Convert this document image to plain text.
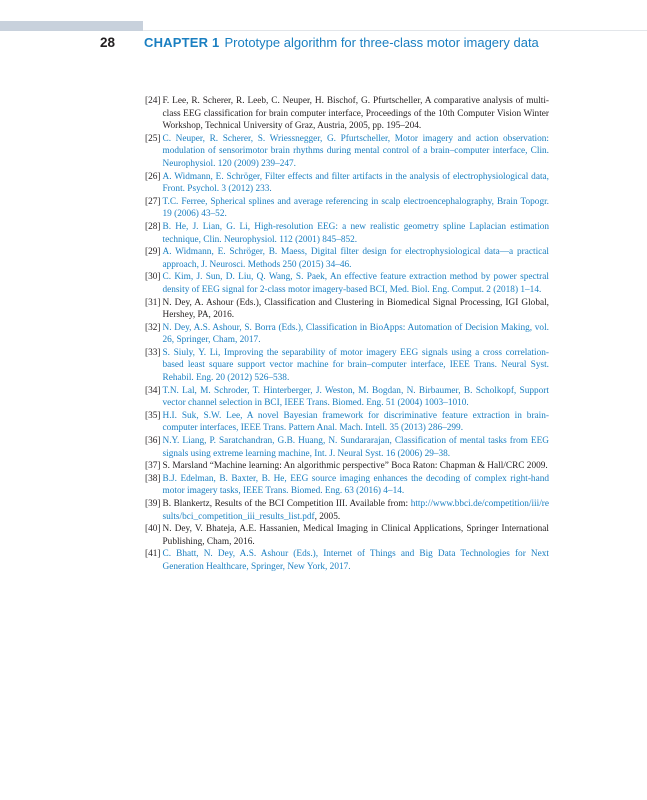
28	CHAPTER 1 Prototype algorithm for three-class motor imagery data
[24] F. Lee, R. Scherer, R. Leeb, C. Neuper, H. Bischof, G. Pfurtscheller, A comparative analysis of multi-class EEG classification for brain computer interface, Proceedings of the 10th Computer Vision Winter Workshop, Technical University of Graz, Austria, 2005, pp. 195–204.
[25] C. Neuper, R. Scherer, S. Wriessnegger, G. Pfurtscheller, Motor imagery and action observation: modulation of sensorimotor brain rhythms during mental control of a brain–computer interface, Clin. Neurophysiol. 120 (2009) 239–247.
[26] A. Widmann, E. Schröger, Filter effects and filter artifacts in the analysis of electrophysiological data, Front. Psychol. 3 (2012) 233.
[27] T.C. Ferree, Spherical splines and average referencing in scalp electroencephalography, Brain Topogr. 19 (2006) 43–52.
[28] B. He, J. Lian, G. Li, High-resolution EEG: a new realistic geometry spline Laplacian estimation technique, Clin. Neurophysiol. 112 (2001) 845–852.
[29] A. Widmann, E. Schröger, B. Maess, Digital filter design for electrophysiological data—a practical approach, J. Neurosci. Methods 250 (2015) 34–46.
[30] C. Kim, J. Sun, D. Liu, Q. Wang, S. Paek, An effective feature extraction method by power spectral density of EEG signal for 2-class motor imagery-based BCI, Med. Biol. Eng. Comput. 2 (2018) 1–14.
[31] N. Dey, A. Ashour (Eds.), Classification and Clustering in Biomedical Signal Processing, IGI Global, Hershey, PA, 2016.
[32] N. Dey, A.S. Ashour, S. Borra (Eds.), Classification in BioApps: Automation of Decision Making, vol. 26, Springer, Cham, 2017.
[33] S. Siuly, Y. Li, Improving the separability of motor imagery EEG signals using a cross correlation-based least square support vector machine for brain–computer interface, IEEE Trans. Neural Syst. Rehabil. Eng. 20 (2012) 526–538.
[34] T.N. Lal, M. Schroder, T. Hinterberger, J. Weston, M. Bogdan, N. Birbaumer, B. Scholkopf, Support vector channel selection in BCI, IEEE Trans. Biomed. Eng. 51 (2004) 1003–1010.
[35] H.I. Suk, S.W. Lee, A novel Bayesian framework for discriminative feature extraction in brain-computer interfaces, IEEE Trans. Pattern Anal. Mach. Intell. 35 (2013) 286–299.
[36] N.Y. Liang, P. Saratchandran, G.B. Huang, N. Sundararajan, Classification of mental tasks from EEG signals using extreme learning machine, Int. J. Neural Syst. 16 (2006) 29–38.
[37] S. Marsland “Machine learning: An algorithmic perspective” Boca Raton: Chapman & Hall/CRC 2009.
[38] B.J. Edelman, B. Baxter, B. He, EEG source imaging enhances the decoding of complex right-hand motor imagery tasks, IEEE Trans. Biomed. Eng. 63 (2016) 4–14.
[39] B. Blankertz, Results of the BCI Competition III. Available from: http://www.bbci.de/competition/iii/results/bci_competition_iii_results_list.pdf, 2005.
[40] N. Dey, V. Bhateja, A.E. Hassanien, Medical Imaging in Clinical Applications, Springer International Publishing, Cham, 2016.
[41] C. Bhatt, N. Dey, A.S. Ashour (Eds.), Internet of Things and Big Data Technologies for Next Generation Healthcare, Springer, New York, 2017.
